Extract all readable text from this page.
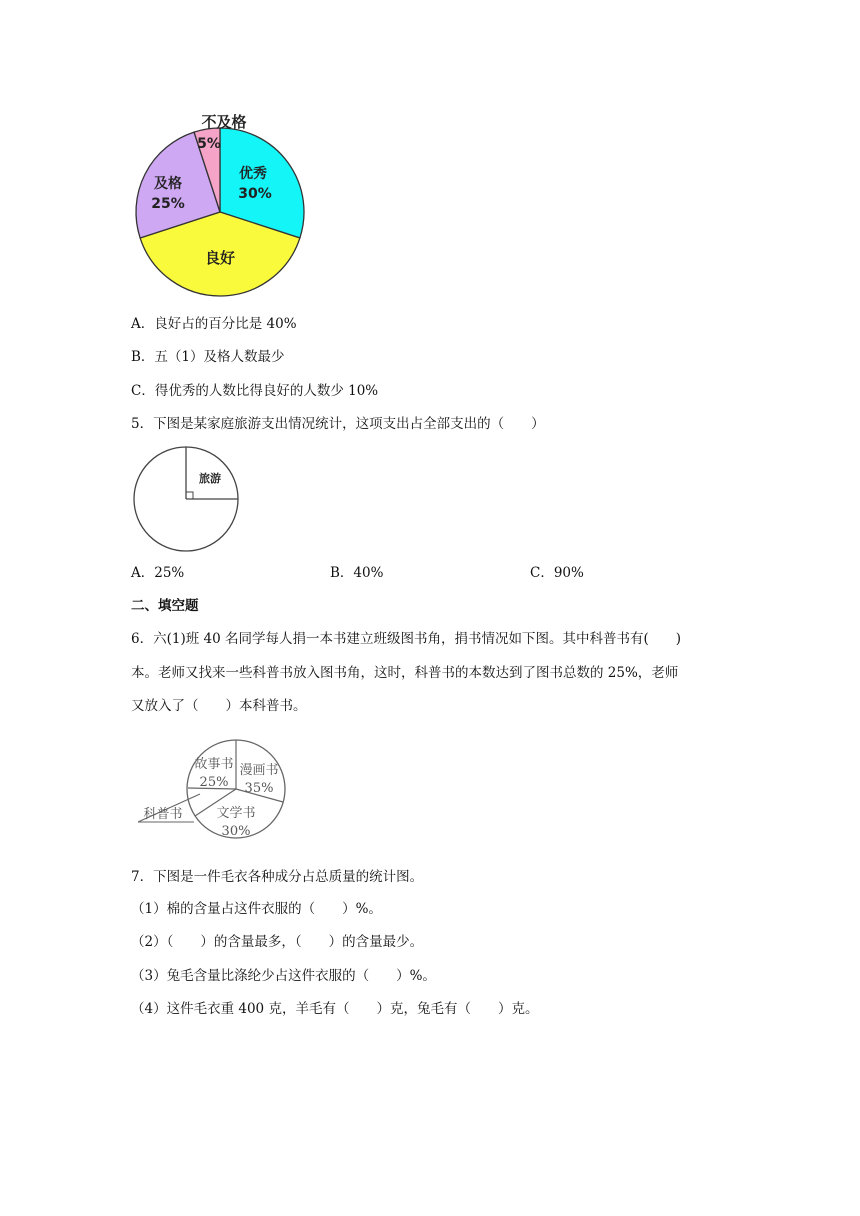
不及格
5%
优秀
30%
及格
25%
良好
A．良好占的百分比是 40%
B．五（1）及格人数最少
C．得优秀的人数比得良好的人数少 10%
5．下图是某家庭旅游支出情况统计，这项支出占全部支出的（　　）
旅游
A．25%	B．40%	C．90%
二、填空题
6．六(1)班 40 名同学每人捐一本书建立班级图书角，捐书情况如下图。其中科普书有(　　)
本。老师又找来一些科普书放入图书角，这时，科普书的本数达到了图书总数的 25%，老师
又放入了（　　）本科普书。
故事书
25%
漫画书
35%
文学书
30%
科普书
7．下图是一件毛衣各种成分占总质量的统计图。
（1）棉的含量占这件衣服的（　　）%。
（2）（　　）的含量最多，（　　）的含量最少。
（3）兔毛含量比涤纶少占这件衣服的（　　）%。
（4）这件毛衣重 400 克，羊毛有（　　）克，兔毛有（　　）克。
